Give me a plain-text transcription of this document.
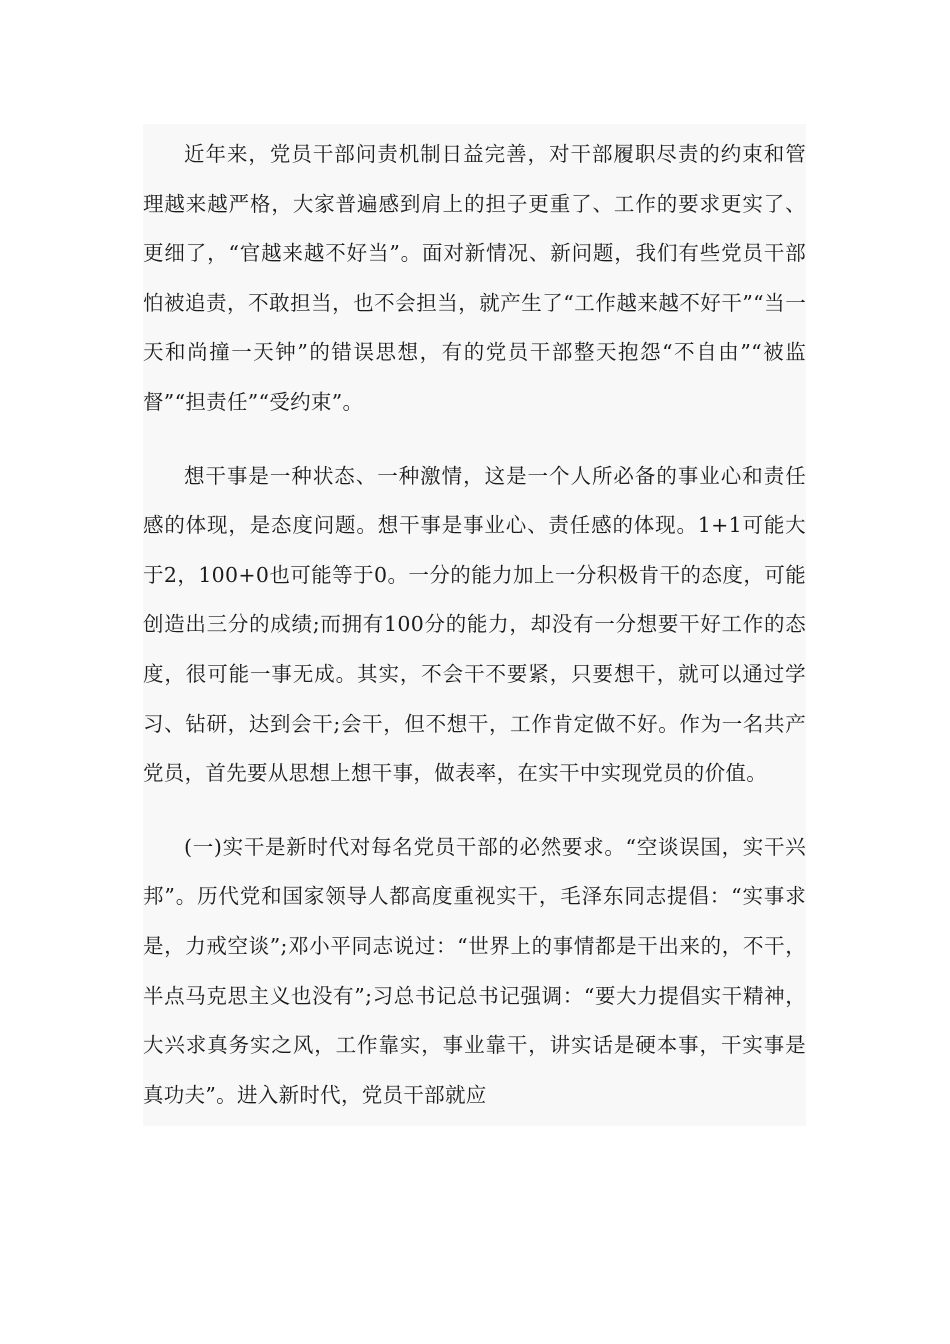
近年来，党员干部问责机制日益完善，对干部履职尽责的约束和管理越来越严格，大家普遍感到肩上的担子更重了、工作的要求更实了、更细了，“官越来越不好当”。面对新情况、新问题，我们有些党员干部怕被追责，不敢担当，也不会担当，就产生了“工作越来越不好干”“当一天和尚撞一天钟”的错误思想，有的党员干部整天抱怨“不自由”“被监督”“担责任”“受约束”。

想干事是一种状态、一种激情，这是一个人所必备的事业心和责任感的体现，是态度问题。想干事是事业心、责任感的体现。1+1可能大于2，100+0也可能等于0。一分的能力加上一分积极肯干的态度，可能创造出三分的成绩;而拥有100分的能力，却没有一分想要干好工作的态度，很可能一事无成。其实，不会干不要紧，只要想干，就可以通过学习、钻研，达到会干;会干，但不想干，工作肯定做不好。作为一名共产党员，首先要从思想上想干事，做表率，在实干中实现党员的价值。

(一)实干是新时代对每名党员干部的必然要求。“空谈误国，实干兴邦”。历代党和国家领导人都高度重视实干，毛泽东同志提倡：“实事求是，力戒空谈”;邓小平同志说过：“世界上的事情都是干出来的，不干，半点马克思主义也没有”;习总书记总书记强调：“要大力提倡实干精神，大兴求真务实之风，工作靠实，事业靠干，讲实话是硬本事，干实事是真功夫”。进入新时代，党员干部就应
